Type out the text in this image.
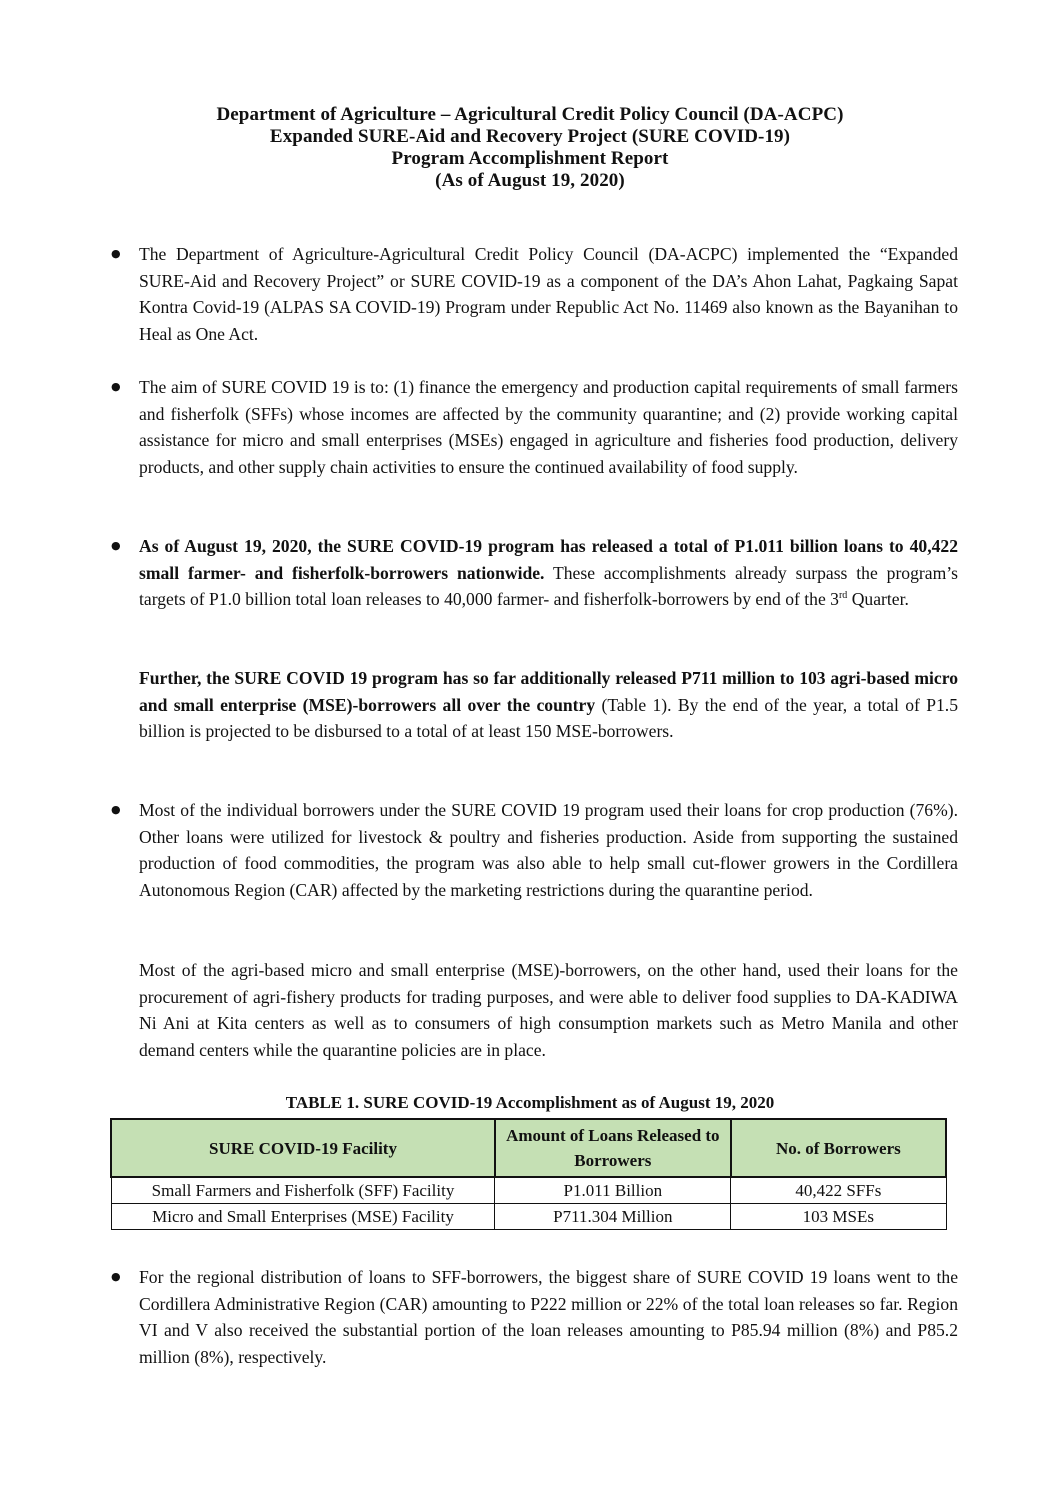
Department of Agriculture – Agricultural Credit Policy Council (DA-ACPC)
Expanded SURE-Aid and Recovery Project (SURE COVID-19)
Program Accomplishment Report
(As of August 19, 2020)
●	The Department of Agriculture-Agricultural Credit Policy Council (DA-ACPC) implemented the “Expanded SURE-Aid and Recovery Project” or SURE COVID-19 as a component of the DA’s Ahon Lahat, Pagkaing Sapat Kontra Covid-19 (ALPAS SA COVID-19) Program under Republic Act No. 11469 also known as the Bayanihan to Heal as One Act.
●	The aim of SURE COVID 19 is to: (1) finance the emergency and production capital requirements of small farmers and fisherfolk (SFFs) whose incomes are affected by the community quarantine; and (2) provide working capital assistance for micro and small enterprises (MSEs) engaged in agriculture and fisheries food production, delivery products, and other supply chain activities to ensure the continued availability of food supply.
●	As of August 19, 2020, the SURE COVID-19 program has released a total of P1.011 billion loans to 40,422 small farmer- and fisherfolk-borrowers nationwide. These accomplishments already surpass the program’s targets of P1.0 billion total loan releases to 40,000 farmer- and fisherfolk-borrowers by end of the 3rd Quarter.
Further, the SURE COVID 19 program has so far additionally released P711 million to 103 agri-based micro and small enterprise (MSE)-borrowers all over the country (Table 1). By the end of the year, a total of P1.5 billion is projected to be disbursed to a total of at least 150 MSE-borrowers.
●	Most of the individual borrowers under the SURE COVID 19 program used their loans for crop production (76%). Other loans were utilized for livestock & poultry and fisheries production. Aside from supporting the sustained production of food commodities, the program was also able to help small cut-flower growers in the Cordillera Autonomous Region (CAR) affected by the marketing restrictions during the quarantine period.
Most of the agri-based micro and small enterprise (MSE)-borrowers, on the other hand, used their loans for the procurement of agri-fishery products for trading purposes, and were able to deliver food supplies to DA-KADIWA Ni Ani at Kita centers as well as to consumers of high consumption markets such as Metro Manila and other demand centers while the quarantine policies are in place.
TABLE 1. SURE COVID-19 Accomplishment as of August 19, 2020
SURE COVID-19 Facility	Amount of Loans Released to Borrowers	No. of Borrowers
Small Farmers and Fisherfolk (SFF) Facility	P1.011 Billion	40,422 SFFs
Micro and Small Enterprises (MSE) Facility	P711.304 Million	103 MSEs
●	For the regional distribution of loans to SFF-borrowers, the biggest share of SURE COVID 19 loans went to the Cordillera Administrative Region (CAR) amounting to P222 million or 22% of the total loan releases so far. Region VI and V also received the substantial portion of the loan releases amounting to P85.94 million (8%) and P85.2 million (8%), respectively.
